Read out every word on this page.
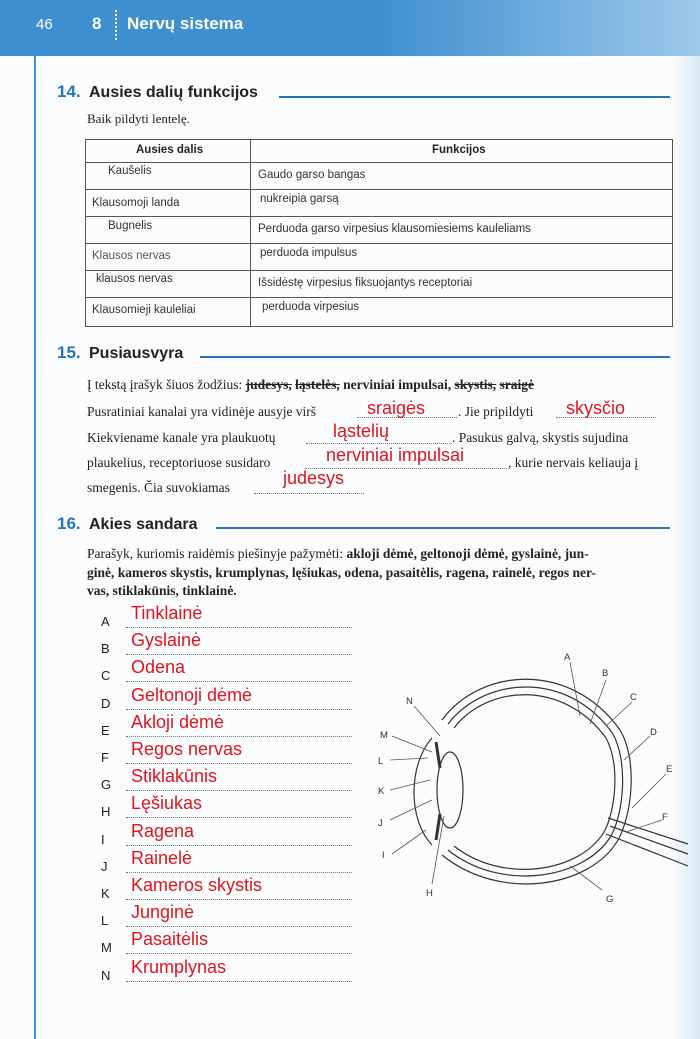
46 8 Nervų sistema
14. Ausies dalių funkcijos
Baik pildyti lentelę.
Ausies dalis	Funkcijos
Kaušelis	Gaudo garso bangas
Klausomoji landa	nukreipia garsą
Bugnelis	Perduoda garso virpesius klausomiesiems kauleliams
Klausos nervas	perduoda impulsus
klausos nervas	Išsidėstę virpesius fiksuojantys receptoriai
Klausomieji kauleliai	perduoda virpesius
15. Pusiausvyra
Į tekstą įrašyk šiuos žodžius: judesys, ląstelės, nerviniai impulsai, skystis, sraigė
Pusratiniai kanalai yra vidinėje ausyje virš	sraigės . Jie pripildyti skysčio
Kiekviename kanale yra plaukuotų	ląstelių	. Pasukus galvą, skystis sujudina
plaukelius, receptoriuose susidaro	nerviniai impulsai	, kurie nervais keliauja į
smegenis. Čia suvokiamas	judesys
16. Akies sandara
Parašyk, kuriomis raidėmis piešinyje pažymėti: akloji dėmė, geltonoji dėmė, gyslainė, jun-
ginė, kameros skystis, krumplynas, lęšiukas, odena, pasaitėlis, ragena, rainelė, regos ner-
vas, stiklakūnis, tinklainė.
A Tinklainė
B Gyslainė
C Odena
D Geltonoji dėmė
E Akloji dėmė
F Regos nervas
G Stiklakūnis
H Lęšiukas
I Ragena
J Rainelė
K Kameros skystis
L Junginė
M Pasaitėlis
N Krumplynas
A
B
C
D
E
F
G
H
I
J
K
L
M
N
